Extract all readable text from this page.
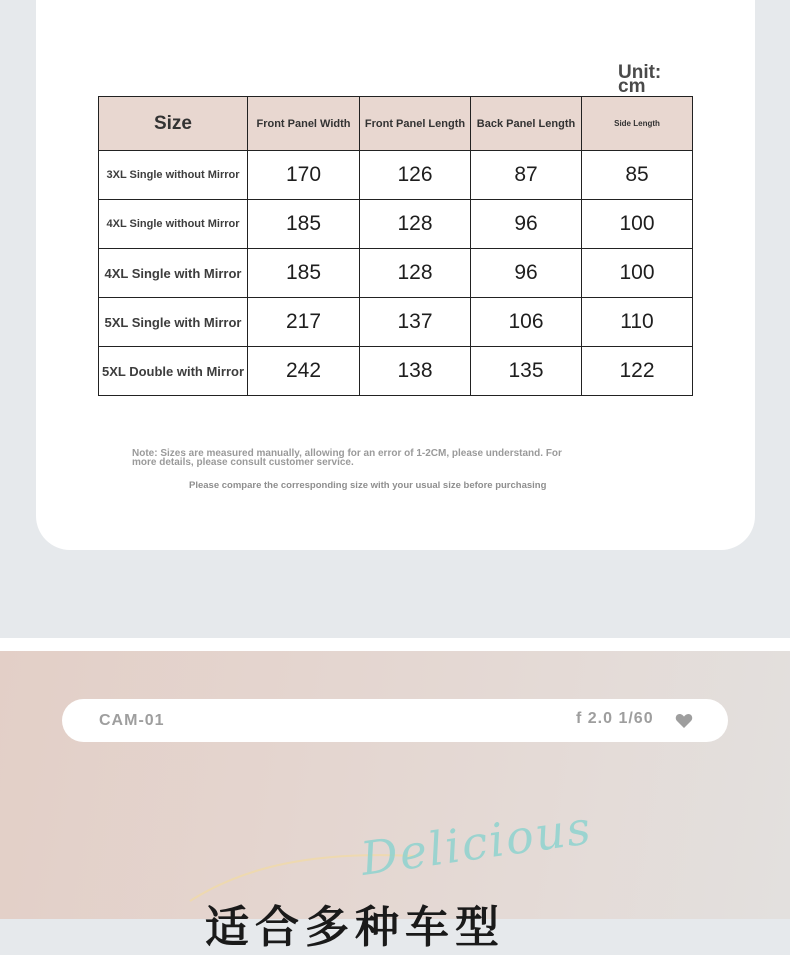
Unit: cm
Size	Front Panel Width	Front Panel Length	Back Panel Length	Side Length
3XL Single without Mirror	170	126	87	85
4XL Single without Mirror	185	128	96	100
4XL Single with Mirror	185	128	96	100
5XL Single with Mirror	217	137	106	110
5XL Double with Mirror	242	138	135	122
Note: Sizes are measured manually, allowing for an error of 1-2CM, please understand. For more details, please consult customer service.
Please compare the corresponding size with your usual size before purchasing
CAM-01	f 2.0 1/60
Delicious
适合多种车型
